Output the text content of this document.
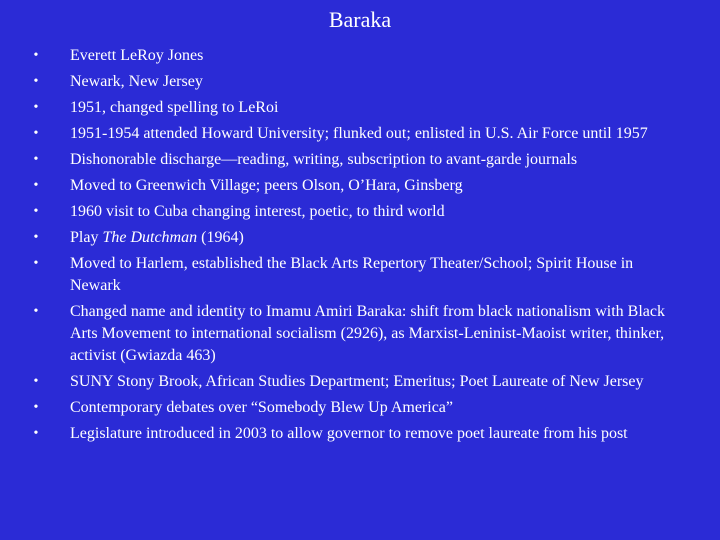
Baraka
•	Everett LeRoy Jones
•	Newark, New Jersey
•	1951, changed spelling to LeRoi
•	1951-1954 attended Howard University; flunked out; enlisted in U.S. Air Force until 1957
•	Dishonorable discharge—reading, writing, subscription to avant-garde journals
•	Moved to Greenwich Village; peers Olson, O’Hara, Ginsberg
•	1960 visit to Cuba changing interest, poetic, to third world
•	Play The Dutchman (1964)
•	Moved to Harlem, established the Black Arts Repertory Theater/School; Spirit House in Newark
•	Changed name and identity to Imamu Amiri Baraka: shift from black nationalism with Black Arts Movement to international socialism (2926), as Marxist-Leninist-Maoist writer, thinker, activist (Gwiazda 463)
•	SUNY Stony Brook, African Studies Department; Emeritus; Poet Laureate of New Jersey
•	Contemporary debates over “Somebody Blew Up America”
•	Legislature introduced in 2003 to allow governor to remove poet laureate from his post
